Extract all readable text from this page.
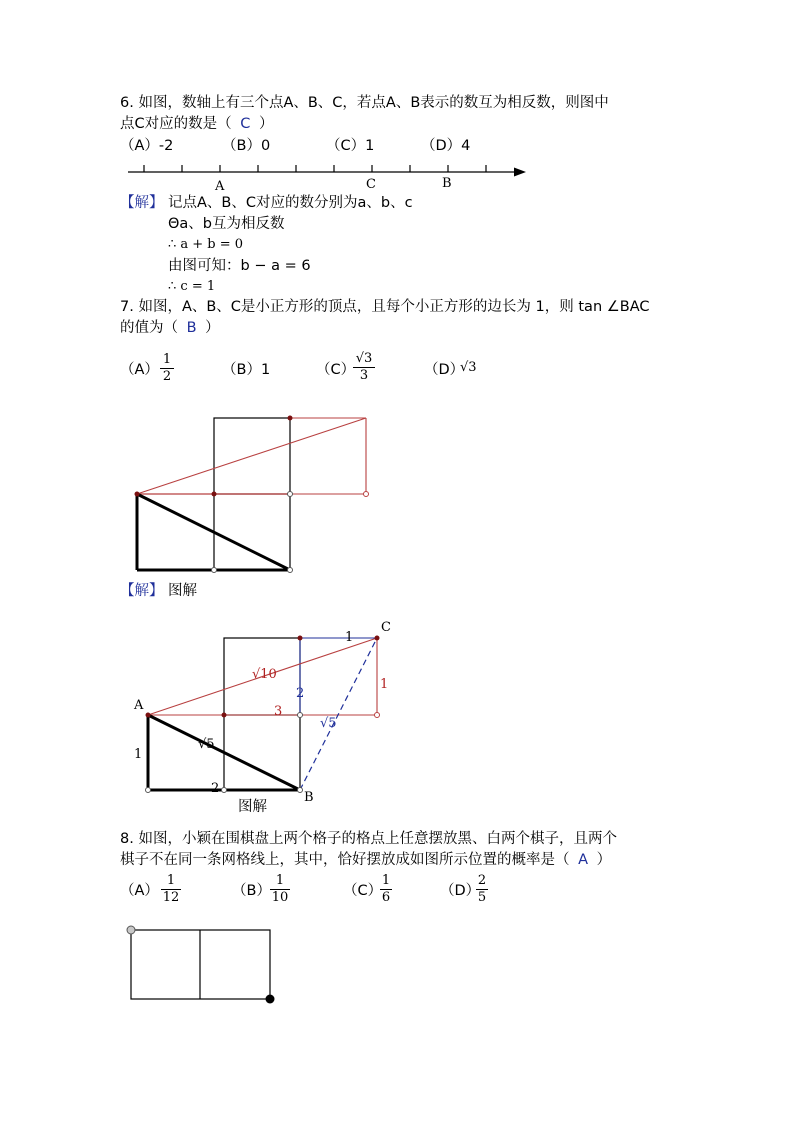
6. 如图，数轴上有三个点A、B、C，若点A、B表示的数互为相反数，则图中
点C对应的数是（ C ）
（A）-2	（B）0	（C）1	（D）4
A	C	B
【解】 记点A、B、C对应的数分别为a、b、c
Θa、b互为相反数
∴ a + b = 0
由图可知：b − a = 6
∴ c = 1
7. 如图，A、B、C是小正方形的顶点，且每个小正方形的边长为 1，则 tan ∠BAC
的值为（ B ）
（A）
1
2	（B）1	（C）
√3
3	（D）
√3
【解】 图解
A
B
C
√10
√5
√5
1
1
1
2
2
3
图解
8. 如图，小颖在围棋盘上两个格子的格点上任意摆放黑、白两个棋子，且两个
棋子不在同一条网格线上，其中，恰好摆放成如图所示位置的概率是（ A ）
（A）
1
12	（B）
1
10	（C）
1
6	（D）
2
5
